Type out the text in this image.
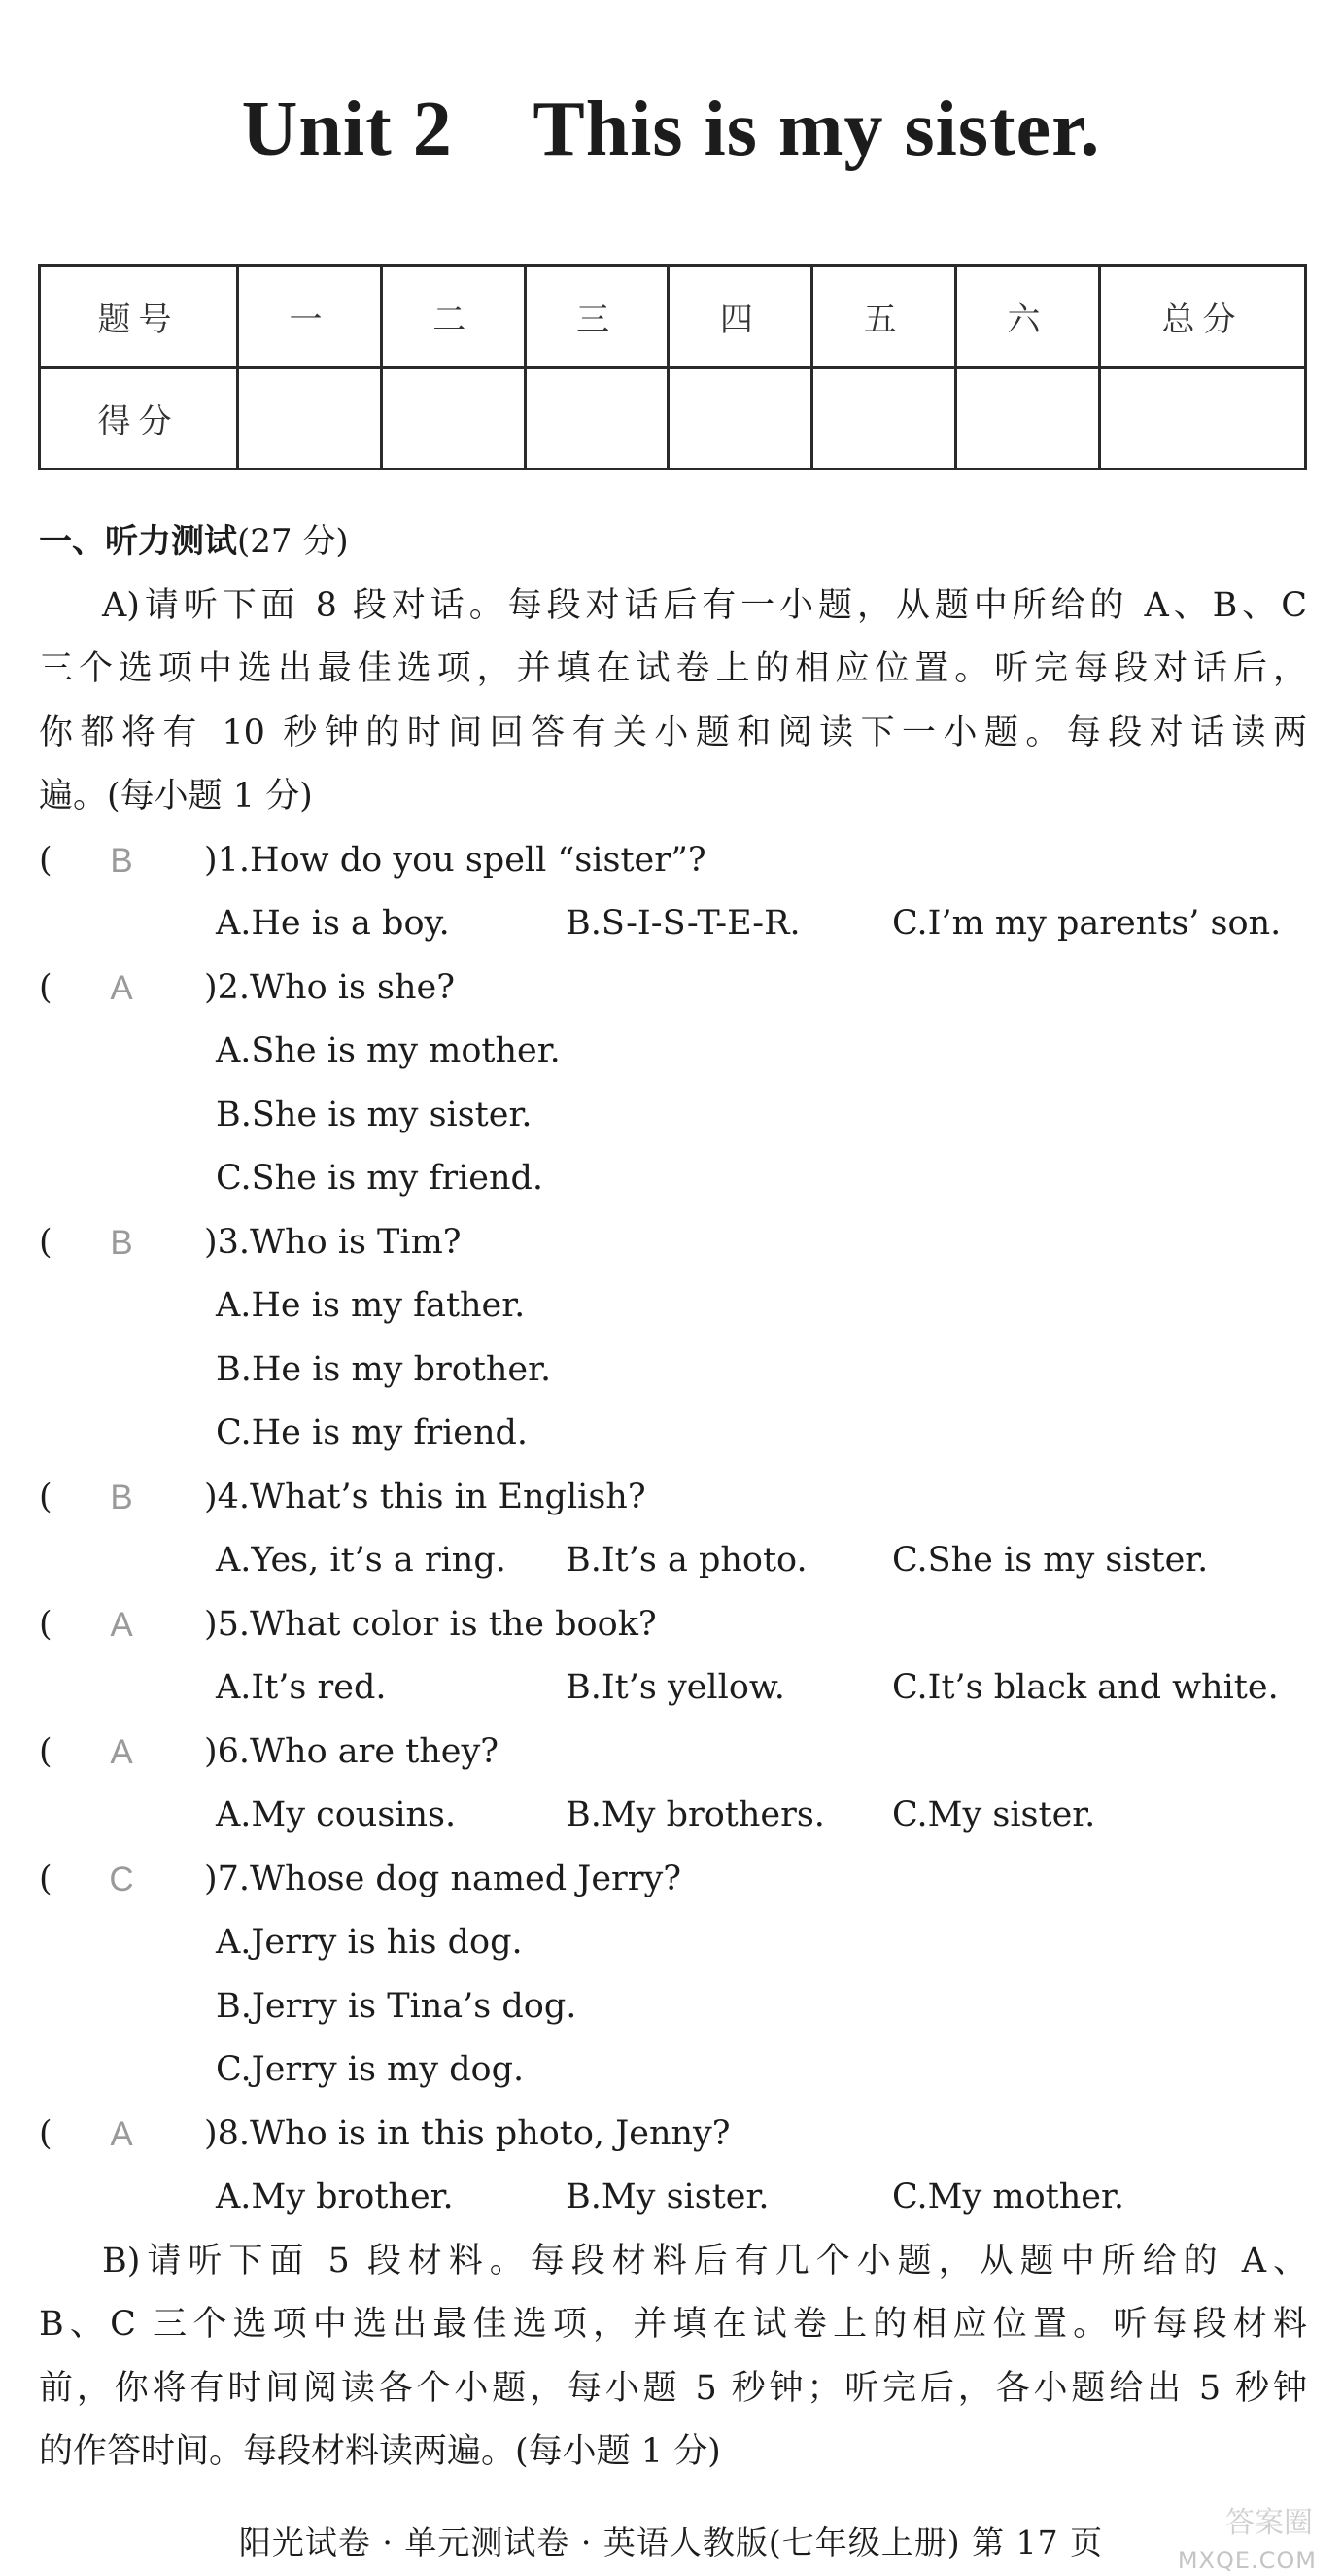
Unit 2    This is my sister.
题号	一	二	三	四	五	六	总分
得分							
一、听力测试(27 分)
A)请听下面 8 段对话。每段对话后有一小题，从题中所给的 A、B、C
三个选项中选出最佳选项，并填在试卷上的相应位置。听完每段对话后，
你都将有 10 秒钟的时间回答有关小题和阅读下一小题。每段对话读两
遍。(每小题 1 分)
(	B	)1.How do you spell “sister”?
A.He is a boy.	B.S-I-S-T-E-R.	C.I’m my parents’ son.
(	A	)2.Who is she?
A.She is my mother.
B.She is my sister.
C.She is my friend.
(	B	)3.Who is Tim?
A.He is my father.
B.He is my brother.
C.He is my friend.
(	B	)4.What’s this in English?
A.Yes, it’s a ring. B.It’s a photo. C.She is my sister.
(	A	)5.What color is the book?
A.It’s red.	B.It’s yellow.	C.It’s black and white.
(	A	)6.Who are they?
A.My cousins.	B.My brothers. C.My sister.
(	C	)7.Whose dog named Jerry?
A.Jerry is his dog.
B.Jerry is Tina’s dog.
C.Jerry is my dog.
(	A	)8.Who is in this photo, Jenny?
A.My brother.	B.My sister.	C.My mother.
B)请听下面 5 段材料。每段材料后有几个小题，从题中所给的 A、
B、C 三个选项中选出最佳选项，并填在试卷上的相应位置。听每段材料
前，你将有时间阅读各个小题，每小题 5 秒钟；听完后，各小题给出 5 秒钟
的作答时间。每段材料读两遍。(每小题 1 分)
阳光试卷 · 单元测试卷 · 英语人教版(七年级上册) 第 17 页
答案圈
MXQE.COM
